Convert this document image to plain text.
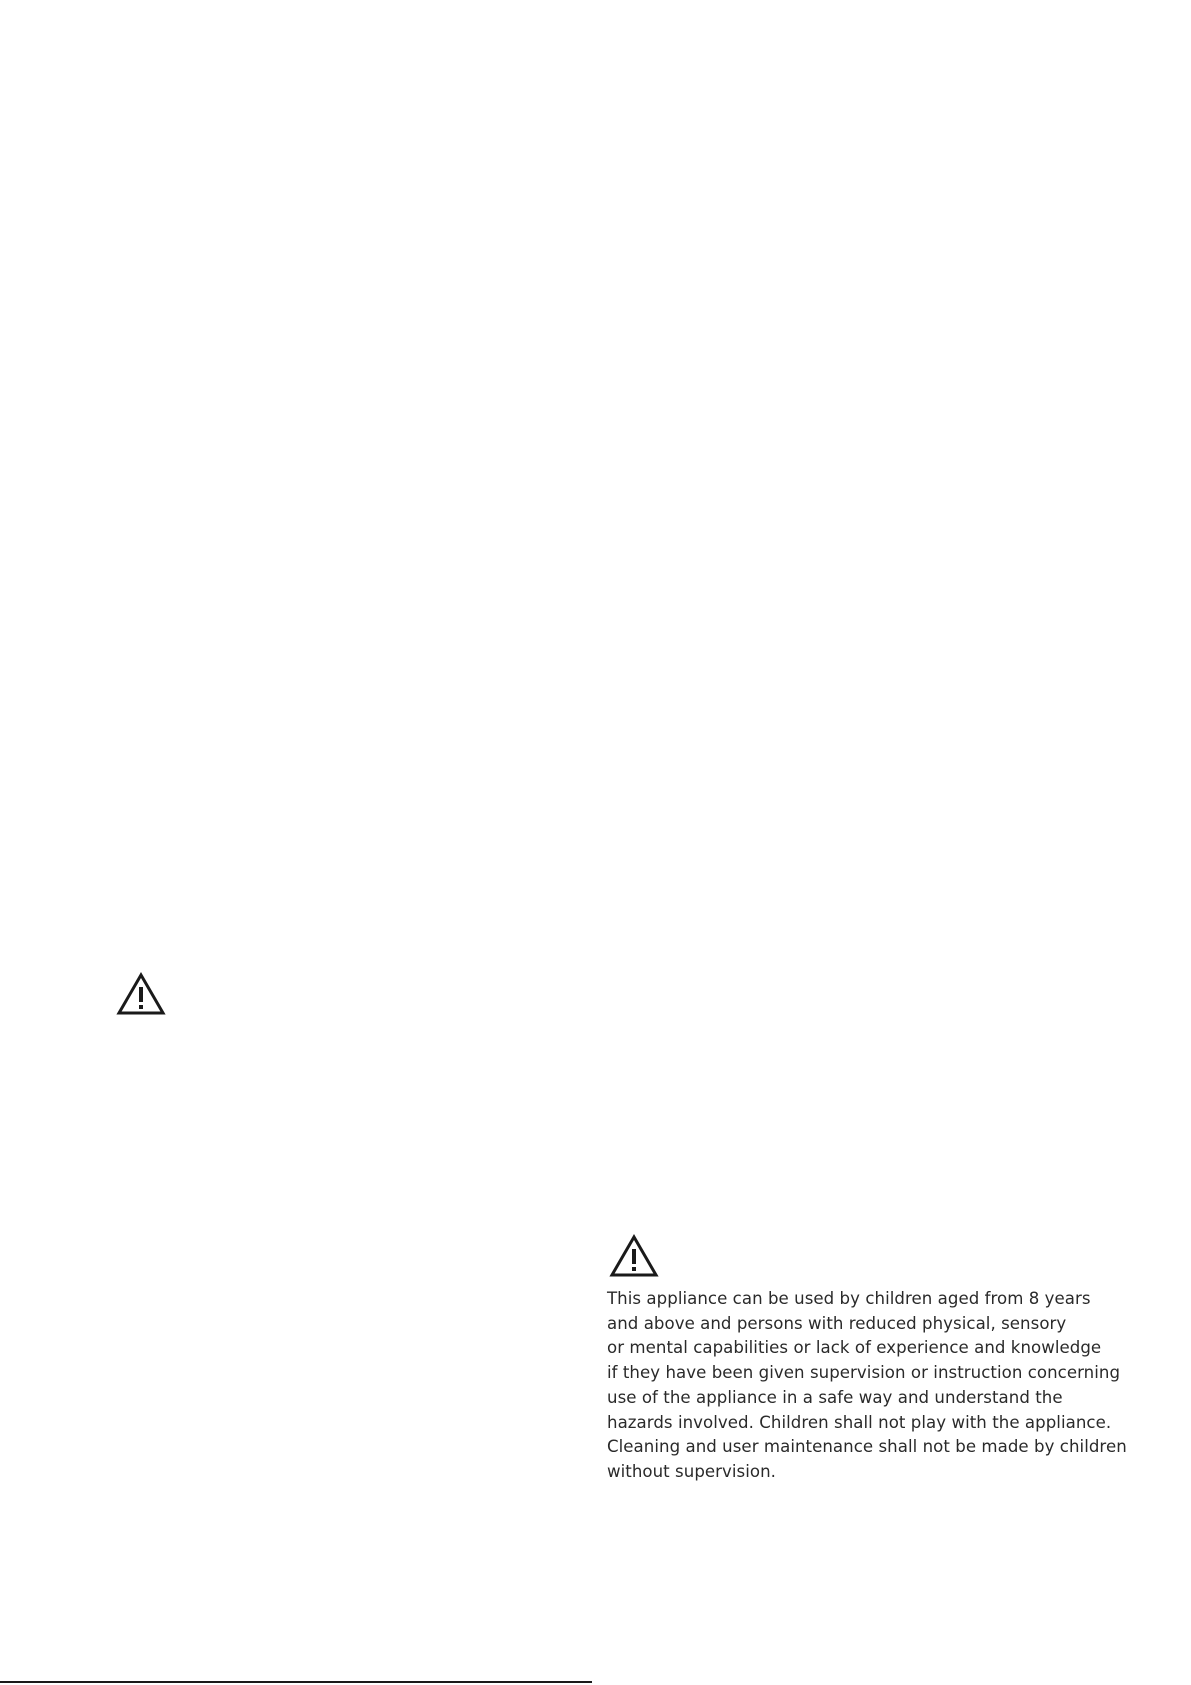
This appliance can be used by children aged from 8 years
and above and persons with reduced physical, sensory
or mental capabilities or lack of experience and knowledge
if they have been given supervision or instruction concerning
use of the appliance in a safe way and understand the
hazards involved. Children shall not play with the appliance.
Cleaning and user maintenance shall not be made by children
without supervision.
